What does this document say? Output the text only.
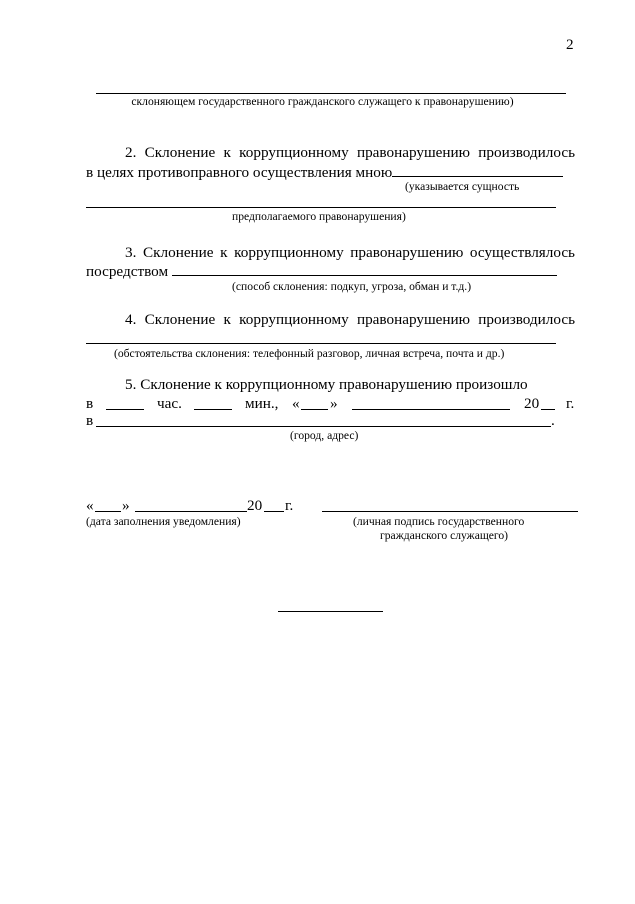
2
склоняющем государственного гражданского служащего к правонарушению)
2. Склонение к коррупционному правонарушению производилось
в целях противоправного осуществления мною
(указывается сущность
предполагаемого правонарушения)
3. Склонение к коррупционному правонарушению осуществлялось
посредством
(способ склонения: подкуп, угроза, обман и т.д.)
4. Склонение к коррупционному правонарушению производилось
(обстоятельства склонения: телефонный разговор, личная встреча, почта и др.)
5. Склонение к коррупционному правонарушению произошло
в	час.	мин., « »	20 г.
в	.
(город, адрес)
« »	20 г.
(дата заполнения уведомления)	(личная подпись государственного
гражданского служащего)
